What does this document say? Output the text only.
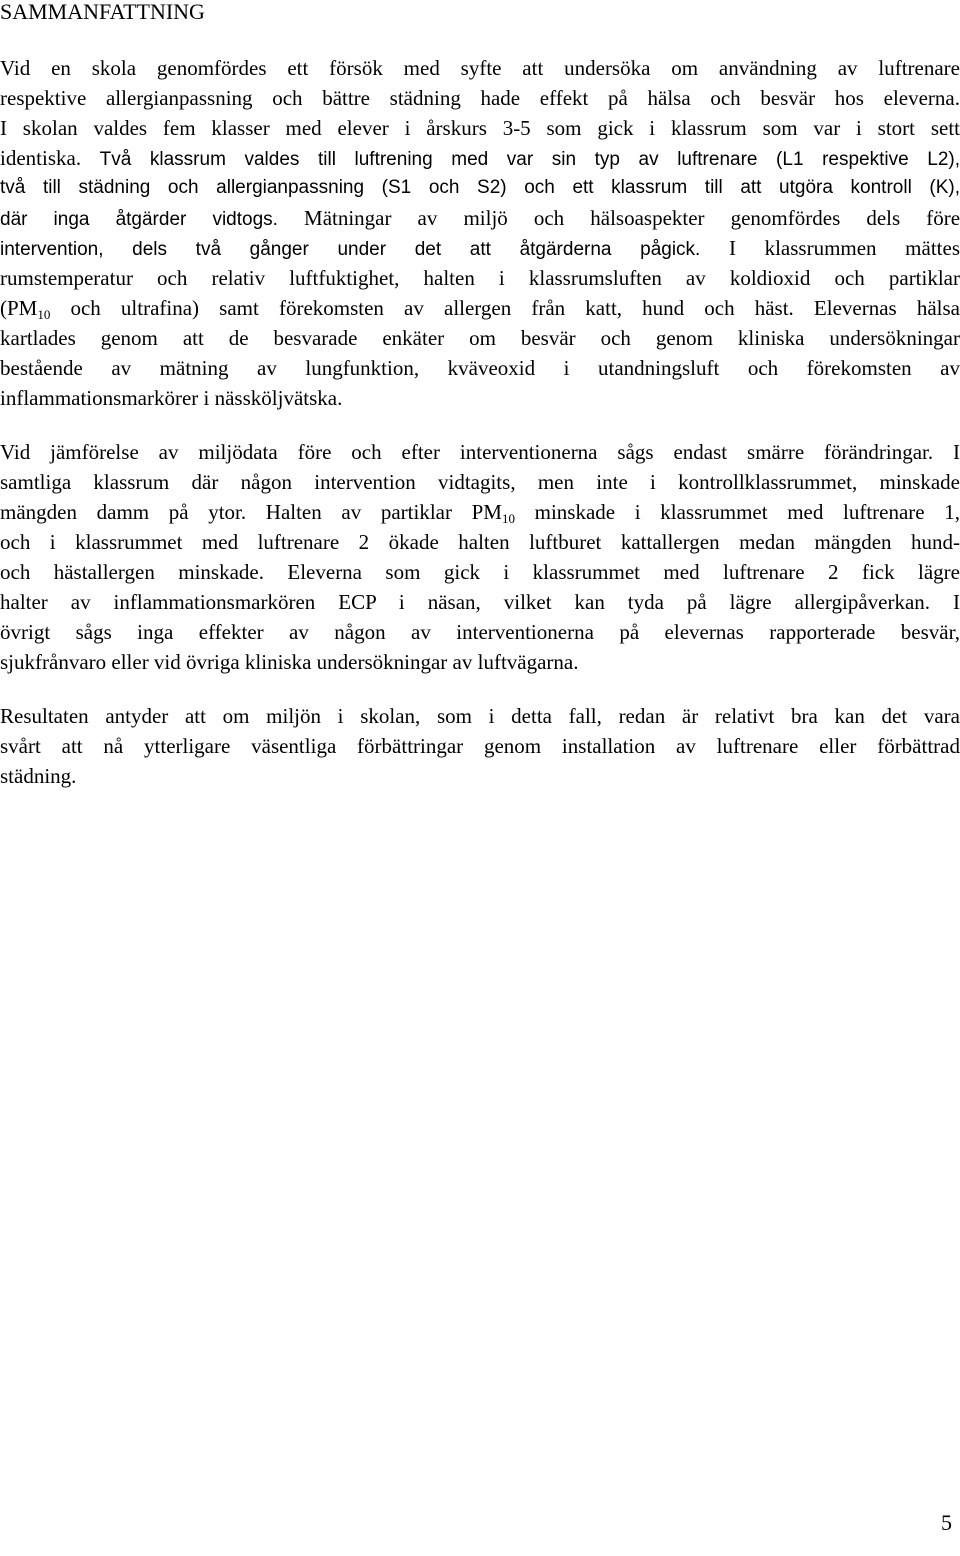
SAMMANFATTNING
Vid en skola genomfördes ett försök med syfte att undersöka om användning av luftrenare
respektive allergianpassning och bättre städning hade effekt på hälsa och besvär hos eleverna.
I skolan valdes fem klasser med elever i årskurs 3-5 som gick i klassrum som var i stort sett
identiska. Två klassrum valdes till luftrening med var sin typ av luftrenare (L1 respektive L2),
två till städning och allergianpassning (S1 och S2) och ett klassrum till att utgöra kontroll (K),
där inga åtgärder vidtogs. Mätningar av miljö och hälsoaspekter genomfördes dels före
intervention, dels två gånger under det att åtgärderna pågick. I klassrummen mättes
rumstemperatur och relativ luftfuktighet, halten i klassrumsluften av koldioxid och partiklar
(PM10 och ultrafina) samt förekomsten av allergen från katt, hund och häst. Elevernas hälsa
kartlades genom att de besvarade enkäter om besvär och genom kliniska undersökningar
bestående av mätning av lungfunktion, kväveoxid i utandningsluft och förekomsten av
inflammationsmarkörer i nässköljvätska.
Vid jämförelse av miljödata före och efter interventionerna sågs endast smärre förändringar. I
samtliga klassrum där någon intervention vidtagits, men inte i kontrollklassrummet, minskade
mängden damm på ytor. Halten av partiklar PM10 minskade i klassrummet med luftrenare 1,
och i klassrummet med luftrenare 2 ökade halten luftburet kattallergen medan mängden hund-
och hästallergen minskade. Eleverna som gick i klassrummet med luftrenare 2 fick lägre
halter av inflammationsmarkören ECP i näsan, vilket kan tyda på lägre allergipåverkan. I
övrigt sågs inga effekter av någon av interventionerna på elevernas rapporterade besvär,
sjukfrånvaro eller vid övriga kliniska undersökningar av luftvägarna.
Resultaten antyder att om miljön i skolan, som i detta fall, redan är relativt bra kan det vara
svårt att nå ytterligare väsentliga förbättringar genom installation av luftrenare eller förbättrad
städning.
5
